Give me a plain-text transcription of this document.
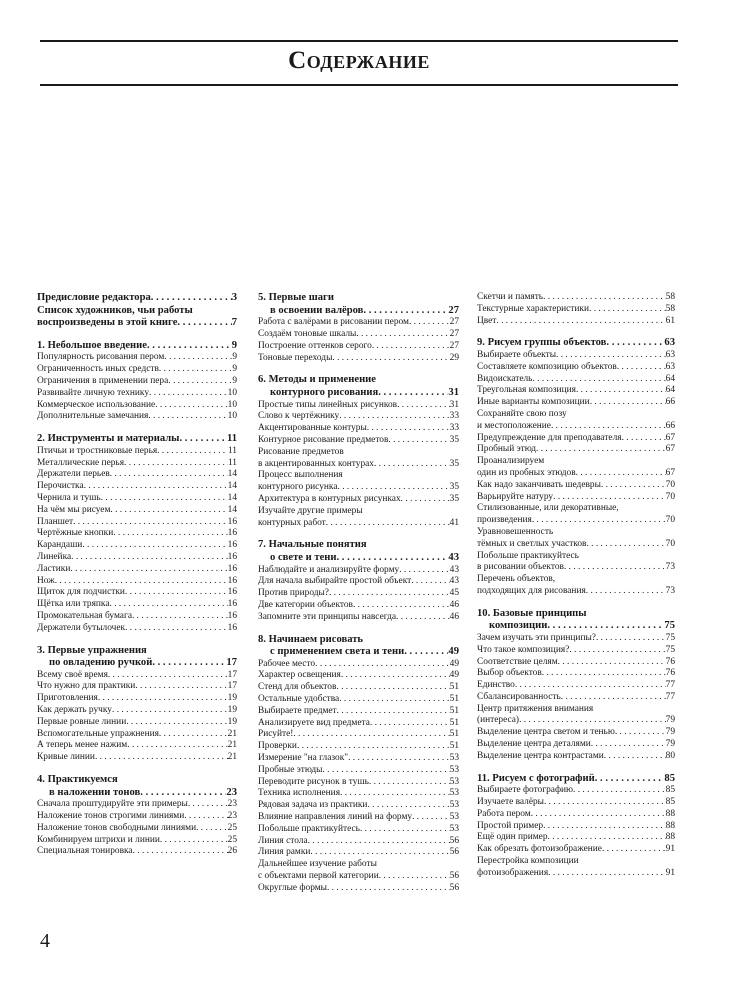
Содержание
Предисловие редактора . . .	3
Список художников, чьи работы
воспроизведены в этой книге . . .	7
1. Небольшое введение . . .	9
Популярность рисования пером . . .	9
Ограниченность иных средств . . .	9
Ограничения в применении пера . . .	9
Развивайте личную технику . . .	10
Коммерческое использование . . .	10
Дополнительные замечания . . .	10
2. Инструменты и материалы . . .	11
Птичьи и тростниковые перья . . .	11
Металлические перья . . .	11
Держатели перьев . . .	14
Перочистка . . .	14
Чернила и тушь . . .	14
На чём мы рисуем . . .	14
Планшет . . .	16
Чертёжные кнопки . . .	16
Карандаши . . .	16
Линейка . . .	16
Ластики . . .	16
Нож . . .	16
Щиток для подчистки . . .	16
Щётка или тряпка . . .	16
Промокательная бумага . . .	16
Держатели бутылочек . . .	16
3. Первые упражнения
по овладению ручкой . . .	17
Всему своё время . . .	17
Что нужно для практики . . .	17
Приготовления . . .	19
Как держать ручку . . .	19
Первые ровные линии . . .	19
Вспомогательные упражнения . . .	21
А теперь менее нажим . . .	21
Кривые линии . . .	21
4. Практикуемся
в наложении тонов . . .	23
Сначала проштудируйте эти примеры . . .	23
Наложение тонов строгими линиями . . .	23
Наложение тонов свободными линиями . . .	25
Комбинируем штрихи и линии . . .	25
Специальная тонировка . . .	26
5. Первые шаги
в освоении валёров . . .	27
Работа с валёрами в рисовании пером . . .	27
Создаём тоновые шкалы . . .	27
Построение оттенков серого . . .	27
Тоновые переходы . . .	29
6. Методы и применение
контурного рисования . . .	31
Простые типы линейных рисунков . . .	31
Слово к чертёжнику . . .	33
Акцентированные контуры . . .	33
Контурное рисование предметов . . .	35
Рисование предметов
в акцентированных контурах . . .	35
Процесс выполнения
контурного рисунка . . .	35
Архитектура в контурных рисунках . . .	35
Изучайте другие примеры
контурных работ . . .	41
7. Начальные понятия
о свете и тени . . .	43
Наблюдайте и анализируйте форму . . .	43
Для начала выбирайте простой объект . . .	43
Против природы? . . .	45
Две категории объектов . . .	46
Запомните эти принципы навсегда . . .	46
8. Начинаем рисовать
с применением света и тени . . .	49
Рабочее место . . .	49
Характер освещения . . .	49
Стенд для объектов . . .	51
Остальные удобства . . .	51
Выбираете предмет . . .	51
Анализируете вид предмета . . .	51
Рисуйте! . . .	51
Проверки . . .	51
Измерение "на глазок" . . .	53
Пробные этюды . . .	53
Переводите рисунок в тушь . . .	53
Техника исполнения . . .	53
Рядовая задача из практики . . .	53
Влияние направления линий на форму . . .	53
Побольше практикуйтесь . . .	53
Линия стола . . .	56
Линия рамки . . .	56
Дальнейшее изучение работы
с объектами первой категории . . .	56
Округлые формы . . .	56
Скетчи и память . . .	58
Текстурные характеристики . . .	58
Цвет . . .	61
9. Рисуем группы объектов . . .	63
Выбираете объекты . . .	63
Составляете композицию объектов . . .	63
Видоискатель . . .	64
Треугольная композиция . . .	64
Иные варианты композиции . . .	66
Сохраняйте свою позу
и местоположение . . .	66
Предупреждение для преподавателя . . .	67
Пробный этюд . . .	67
Проанализируем
один из пробных этюдов . . .	67
Как надо заканчивать шедевры . . .	70
Варьируйте натуру . . .	70
Стилизованные, или декоративные,
произведения . . .	70
Уравновешенность
тёмных и светлых участков . . .	70
Побольше практикуйтесь
в рисовании объектов . . .	73
Перечень объектов,
подходящих для рисования . . .	73
10. Базовые принципы
композиции . . .	75
Зачем изучать эти принципы? . . .	75
Что такое композиция? . . .	75
Соответствие целям . . .	76
Выбор объектов . . .	76
Единство . . .	77
Сбалансированность . . .	77
Центр притяжения внимания
(интереса) . . .	79
Выделение центра светом и тенью . . .	79
Выделение центра деталями . . .	79
Выделение центра контрастами . . .	80
11. Рисуем с фотографий . . .	85
Выбираете фотографию . . .	85
Изучаете валёры . . .	85
Работа пером . . .	88
Простой пример . . .	88
Ещё один пример . . .	88
Как обрезать фотоизображение . . .	91
Перестройка композиции
фотоизображения . . .	91
4
